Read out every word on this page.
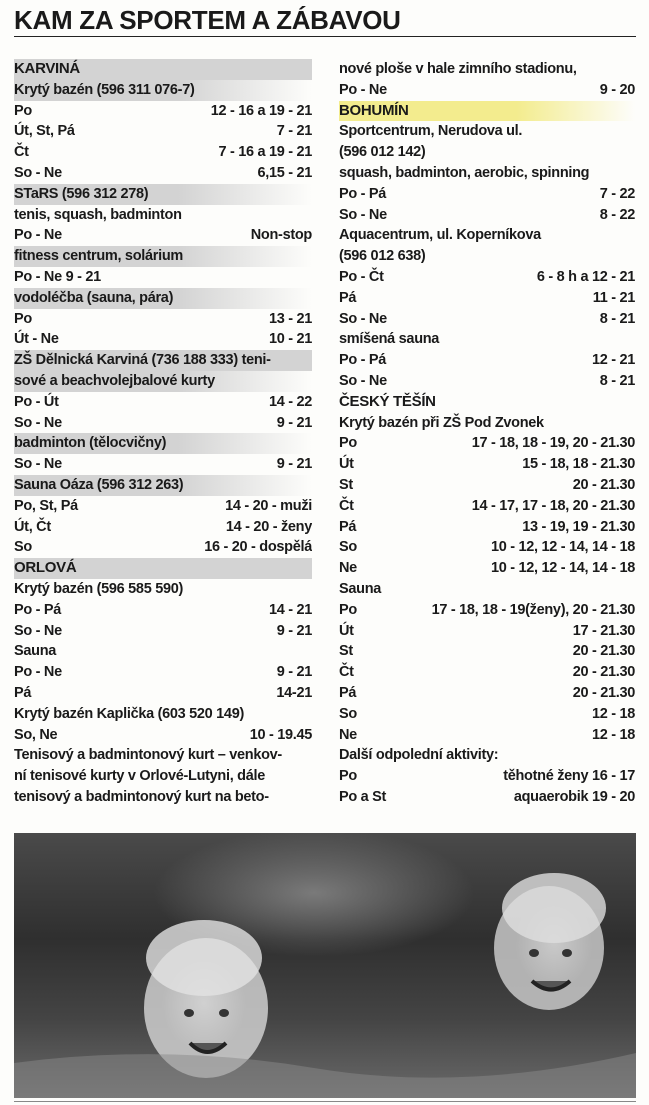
KAM ZA SPORTEM A ZÁBAVOU
KARVINÁ
Krytý bazén (596 311 076-7)
Po	12 - 16 a 19 - 21
Út, St, Pá	7 - 21
Čt	7 - 16 a 19 - 21
So - Ne	6,15 - 21
STaRS (596 312 278)
tenis, squash, badminton
Po - Ne	Non-stop
fitness centrum, solárium
Po - Ne 9 - 21
vodoléčba (sauna, pára)
Po	13 - 21
Út - Ne	10 - 21
ZŠ Dělnická Karviná (736 188 333) teni-
sové a beachvolejbalové kurty
Po - Út	14 - 22
So - Ne	9 - 21
badminton (tělocvičny)
So - Ne	9 - 21
Sauna Oáza (596 312 263)
Po, St, Pá	14 - 20 - muži
Út, Čt	14 - 20 - ženy
So	16 - 20 - dospělá
ORLOVÁ
Krytý bazén (596 585 590)
Po - Pá	14 - 21
So - Ne	9 - 21
Sauna
Po - Ne	9 - 21
Pá	14-21
Krytý bazén Kaplička (603 520 149)
So, Ne	10 - 19.45
Tenisový a badmintonový kurt – venkov-
ní tenisové kurty v Orlové-Lutyni, dále
tenisový a badmintonový kurt na beto-
nové ploše v hale zimního stadionu,
Po - Ne	9 - 20
BOHUMÍN
Sportcentrum, Nerudova ul.
(596 012 142)
squash, badminton, aerobic, spinning
Po - Pá	7 - 22
So - Ne	8 - 22
Aquacentrum, ul. Koperníkova
(596 012 638)
Po - Čt	6 - 8 h a 12 - 21
Pá	11 - 21
So - Ne	8 - 21
smíšená sauna
Po - Pá	12 - 21
So - Ne	8 - 21
ČESKÝ TĚŠÍN
Krytý bazén při ZŠ Pod Zvonek
Po	17 - 18, 18 - 19, 20 - 21.30
Út	15 - 18, 18 - 21.30
St	20 - 21.30
Čt	14 - 17, 17 - 18, 20 - 21.30
Pá	13 - 19, 19 - 21.30
So	10 - 12, 12 - 14, 14 - 18
Ne	10 - 12, 12 - 14, 14 - 18
Sauna
Po	17 - 18, 18 - 19(ženy), 20 - 21.30
Út	17 - 21.30
St	20 - 21.30
Čt	20 - 21.30
Pá	20 - 21.30
So	12 - 18
Ne	12 - 18
Další odpolední aktivity:
Po	těhotné ženy 16 - 17
Po a St	aquaerobik 19 - 20
